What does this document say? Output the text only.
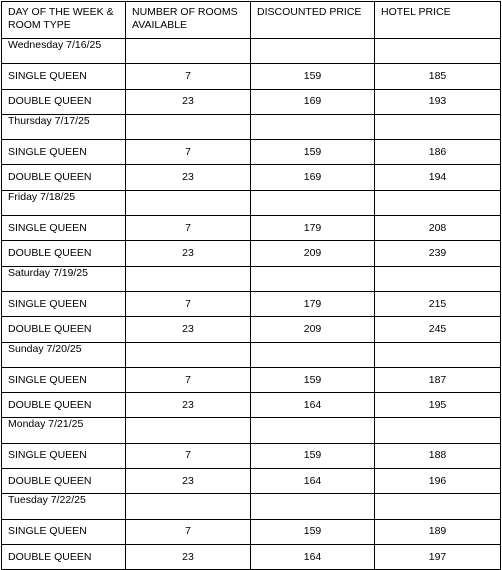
DAY OF THE WEEK & ROOM TYPE	NUMBER OF ROOMS AVAILABLE	DISCOUNTED PRICE	HOTEL PRICE
Wednesday 7/16/25			
SINGLE QUEEN	7	159	185
DOUBLE QUEEN	23	169	193
Thursday 7/17/25			
SINGLE QUEEN	7	159	186
DOUBLE QUEEN	23	169	194
Friday 7/18/25			
SINGLE QUEEN	7	179	208
DOUBLE QUEEN	23	209	239
Saturday 7/19/25			
SINGLE QUEEN	7	179	215
DOUBLE QUEEN	23	209	245
Sunday 7/20/25			
SINGLE QUEEN	7	159	187
DOUBLE QUEEN	23	164	195
Monday 7/21/25			
SINGLE QUEEN	7	159	188
DOUBLE QUEEN	23	164	196
Tuesday 7/22/25			
SINGLE QUEEN	7	159	189
DOUBLE QUEEN	23	164	197
